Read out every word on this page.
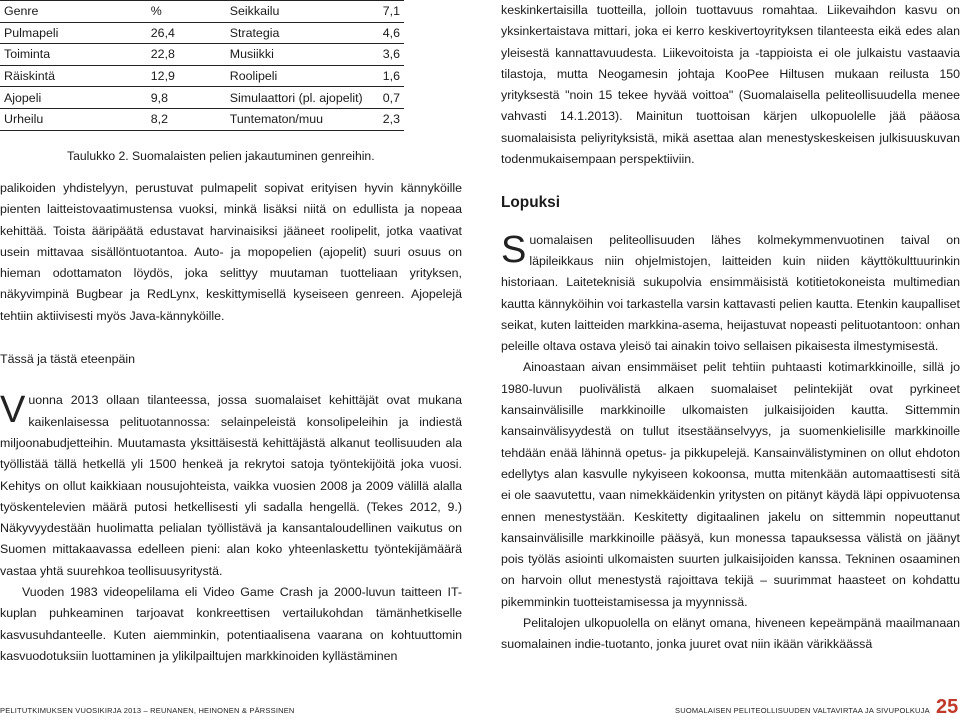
Genre	%	Seikkailu	7,1
Pulmapeli	26,4	Strategia	4,6
Toiminta	22,8	Musiikki	3,6
Räiskintä	12,9	Roolipeli	1,6
Ajopeli	9,8	Simulaattori (pl. ajopelit)	0,7
Urheilu	8,2	Tuntematon/muu	2,3
Taulukko 2. Suomalaisten pelien jakautuminen genreihin.

palikoiden yhdistelyyn, perustuvat pulmapelit sopivat erityisen hyvin kännyköille pienten laitteistovaatimustensa vuoksi, minkä lisäksi niitä on edullista ja nopeaa kehittää. Toista ääripäätä edustavat harvinaisiksi jääneet roolipelit, jotka vaativat usein mittavaa sisällöntuotantoa. Auto- ja mopopelien (ajopelit) suuri osuus on hieman odottamaton löydös, joka selittyy muutaman tuotteliaan yrityksen, näkyvimpinä Bugbear ja RedLynx, keskittymisellä kyseiseen genreen. Ajopelejä tehtiin aktiivisesti myös Java-kännyköille.

Tässä ja tästä eteenpäin

Vuonna 2013 ollaan tilanteessa, jossa suomalaiset kehittäjät ovat mukana kaikenlaisessa pelituotannossa: selainpeleistä konsolipeleihin ja indiestä miljoonabudjetteihin. Muutamasta yksittäisestä kehittäjästä alkanut teollisuuden ala työllistää tällä hetkellä yli 1500 henkeä ja rekrytoi satoja työntekijöitä joka vuosi. Kehitys on ollut kaikkiaan nousujohteista, vaikka vuosien 2008 ja 2009 välillä alalla työskentelevien määrä putosi hetkellisesti yli sadalla hengellä. (Tekes 2012, 9.) Näkyvyydestään huolimatta pelialan työllistävä ja kansantaloudellinen vaikutus on Suomen mittakaavassa edelleen pieni: alan koko yhteenlaskettu työntekijämäärä vastaa yhtä suurehkoa teollisuusyritystä.

Vuoden 1983 videopelilama eli Video Game Crash ja 2000-luvun taitteen IT-kuplan puhkeaminen tarjoavat konkreettisen vertailukohdan tämänhetkiselle kasvusuhdanteelle. Kuten aiemminkin, potentiaalisena vaarana on kohtuuttomin kasvuodotuksiin luottaminen ja ylikilpailtujen markkinoiden kyllästäminen

keskinkertaisilla tuotteilla, jolloin tuottavuus romahtaa. Liikevaihdon kasvu on yksinkertaistava mittari, joka ei kerro keskivertoyrityksen tilanteesta eikä edes alan yleisestä kannattavuudesta. Liikevoitoista ja -tappioista ei ole julkaistu vastaavia tilastoja, mutta Neogamesin johtaja KooPee Hiltusen mukaan reilusta 150 yrityksestä "noin 15 tekee hyvää voittoa" (Suomalaisella peliteollisuudella menee vahvasti 14.1.2013). Mainitun tuottoisan kärjen ulkopuolelle jää pääosa suomalaisista peliyrityksistä, mikä asettaa alan menestyskeskeisen julkisuuskuvan todenmukaisempaan perspektiiviin.

Lopuksi

Suomalaisen peliteollisuuden lähes kolmekymmenvuotinen taival on läpileikkaus niin ohjelmistojen, laitteiden kuin niiden käyttökulttuurinkin historiaan. Laiteteknisiä sukupolvia ensimmäisistä kotitietokoneista multimedian kautta kännyköihin voi tarkastella varsin kattavasti pelien kautta. Etenkin kaupalliset seikat, kuten laitteiden markkina-asema, heijastuvat nopeasti pelituotantoon: onhan peleille oltava ostava yleisö tai ainakin toivo sellaisen pikaisesta ilmestymisestä.

Ainoastaan aivan ensimmäiset pelit tehtiin puhtaasti kotimarkkinoille, sillä jo 1980-luvun puolivälistä alkaen suomalaiset pelintekijät ovat pyrkineet kansainvälisille markkinoille ulkomaisten julkaisijoiden kautta. Sittemmin kansainvälisyydestä on tullut itsestäänselvyys, ja suomenkielisille markkinoille tehdään enää lähinnä opetus- ja pikkupelejä. Kansainvälistyminen on ollut ehdoton edellytys alan kasvulle nykyiseen kokoonsa, mutta mitenkään automaattisesti sitä ei ole saavutettu, vaan nimekkäidenkin yritysten on pitänyt käydä läpi oppivuotensa ennen menestystään. Keskitetty digitaalinen jakelu on sittemmin nopeuttanut kansainvälisille markkinoille pääsyä, kun monessa tapauksessa välistä on jäänyt pois työläs asiointi ulkomaisten suurten julkaisijoiden kanssa. Tekninen osaaminen on harvoin ollut menestystä rajoittava tekijä – suurimmat haasteet on kohdattu pikemminkin tuotteistamisessa ja myynnissä.

Pelitalojen ulkopuolella on elänyt omana, hiveneen kepeämpänä maailmanaan suomalainen indie-tuotanto, jonka juuret ovat niin ikään värikkäässä

PELITUTKIMUKSEN VUOSIKIRJA 2013 – REUNANEN, HEINONEN & PÄRSSINEN	SUOMALAISEN PELITEOLLISUUDEN VALTAVIRTAA JA SIVUPOLKUJA 25
